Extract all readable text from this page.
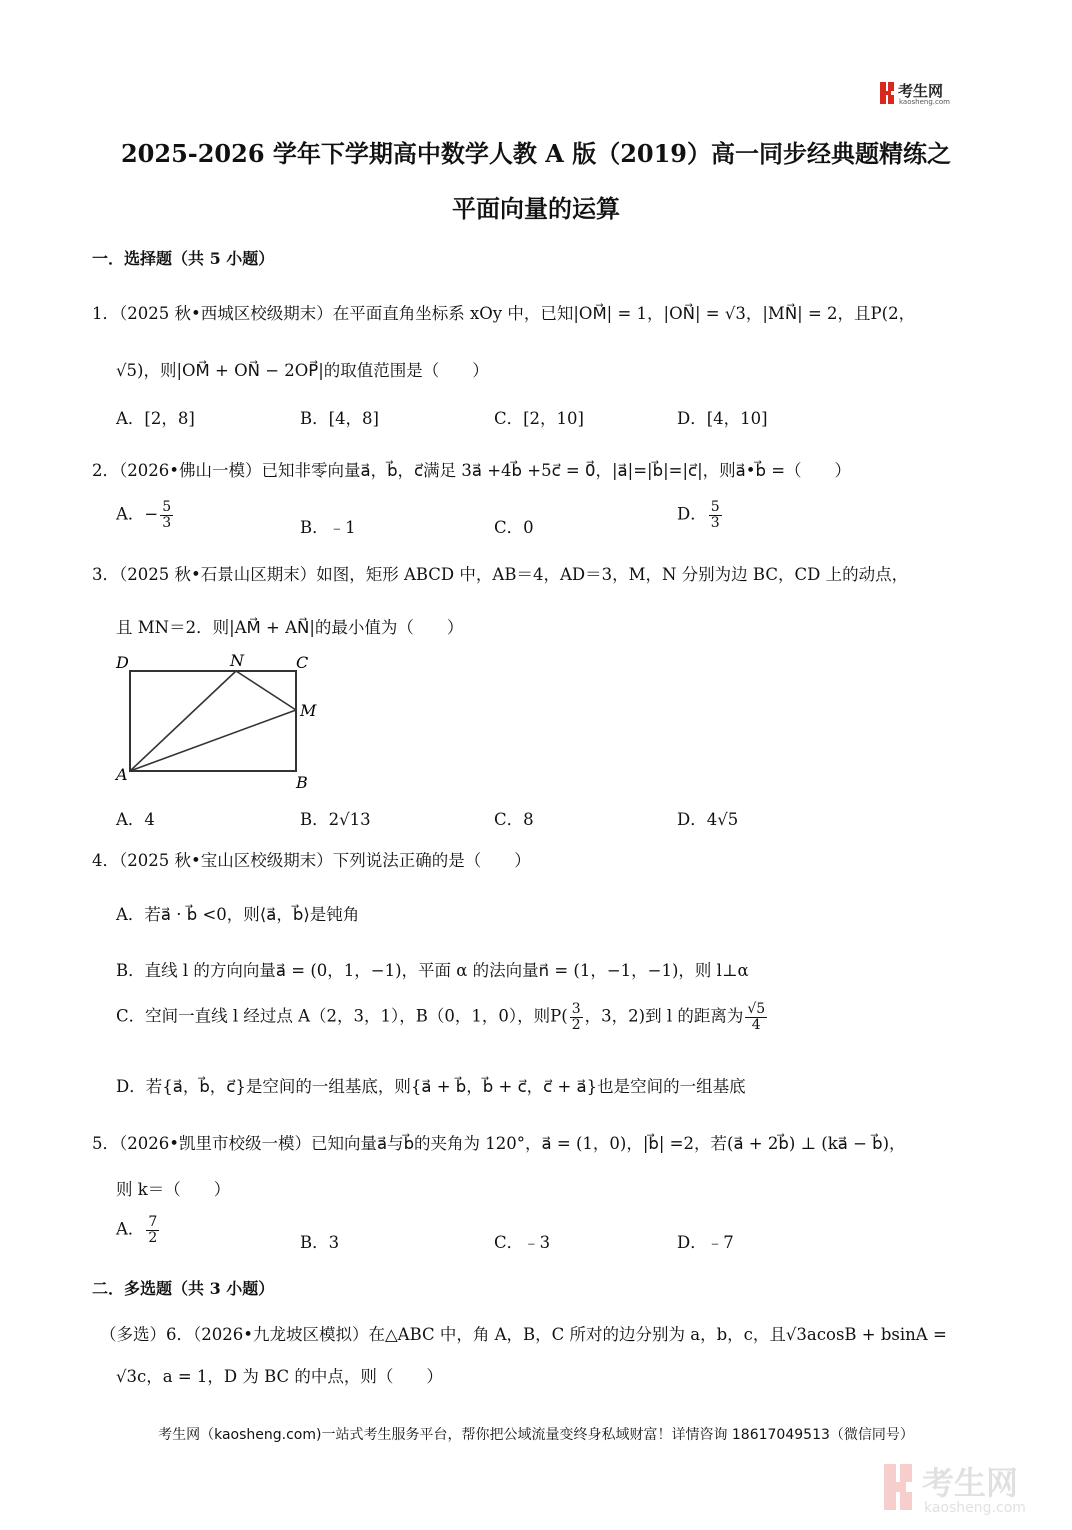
考生网
kaosheng.com
2025-2026 学年下学期高中数学人教 A 版（2019）高一同步经典题精练之
平面向量的运算
一．选择题（共 5 小题）
1．（2025 秋•西城区校级期末）在平面直角坐标系 xOy 中，已知|OM⃗| = 1，|ON⃗| = √3，|MN⃗| = 2，且P(2，
√5)，则|OM⃗ + ON⃗ − 2OP⃗|的取值范围是（　　）
A．[2，8]	B．[4，8]	C．[2，10]	D．[4，10]
2．（2026•佛山一模）已知非零向量a⃗，b⃗，c⃗满足 3a⃗ +4b⃗ +5c⃗ = 0⃗，|a⃗|=|b⃗|=|c⃗|，则a⃗•b⃗ =（　　）
A．− $\frac{5}{3}$	B．﹣1	C．0
D． $\frac{5}{3}$
3．（2025 秋•石景山区期末）如图，矩形 ABCD 中，AB＝4，AD＝3，M，N 分别为边 BC，CD 上的动点，
且 MN＝2．则|AM⃗ + AN⃗|的最小值为（　　）
D	N	C
M
A	B
A．4	B．2√13	C．8	D．4√5
4．（2025 秋•宝山区校级期末）下列说法正确的是（　　）
A．若a⃗ · b⃗ <0，则⟨a⃗，b⃗⟩是钝角
B．直线 l 的方向向量a⃗ = (0，1，−1)，平面 α 的法向量n⃗ = (1，−1，−1)，则 l⊥α
C．空间一直线 l 经过点 A（2，3，1），B（0，1，0），则$P( \frac{3}{2}$ ，3，2)到 l 的距离为 $\frac{√5}{4}$
D．若{a⃗，b⃗，c⃗}是空间的一组基底，则{a⃗ + b⃗，b⃗ + c⃗，c⃗ + a⃗}也是空间的一组基底
5．（2026•凯里市校级一模）已知向量a⃗与b⃗的夹角为 120°，a⃗ = (1，0)，|b⃗| =2，若(a⃗ + 2b⃗) ⊥ (ka⃗ − b⃗)，
则 k＝（　　）
A． $\frac{7}{2}$	B．3	C．﹣3	D．﹣7
二．多选题（共 3 小题）
（多选）6．（2026•九龙坡区模拟）在△ABC 中，角 A，B，C 所对的边分别为 a，b，c，且√3acosB + bsinA =
√3c，a = 1，D 为 BC 的中点，则（　　）
考生网（kaosheng.com)一站式考生服务平台，帮你把公域流量变终身私域财富！详情咨询 18617049513（微信同号）
考生网
kaosheng.com
